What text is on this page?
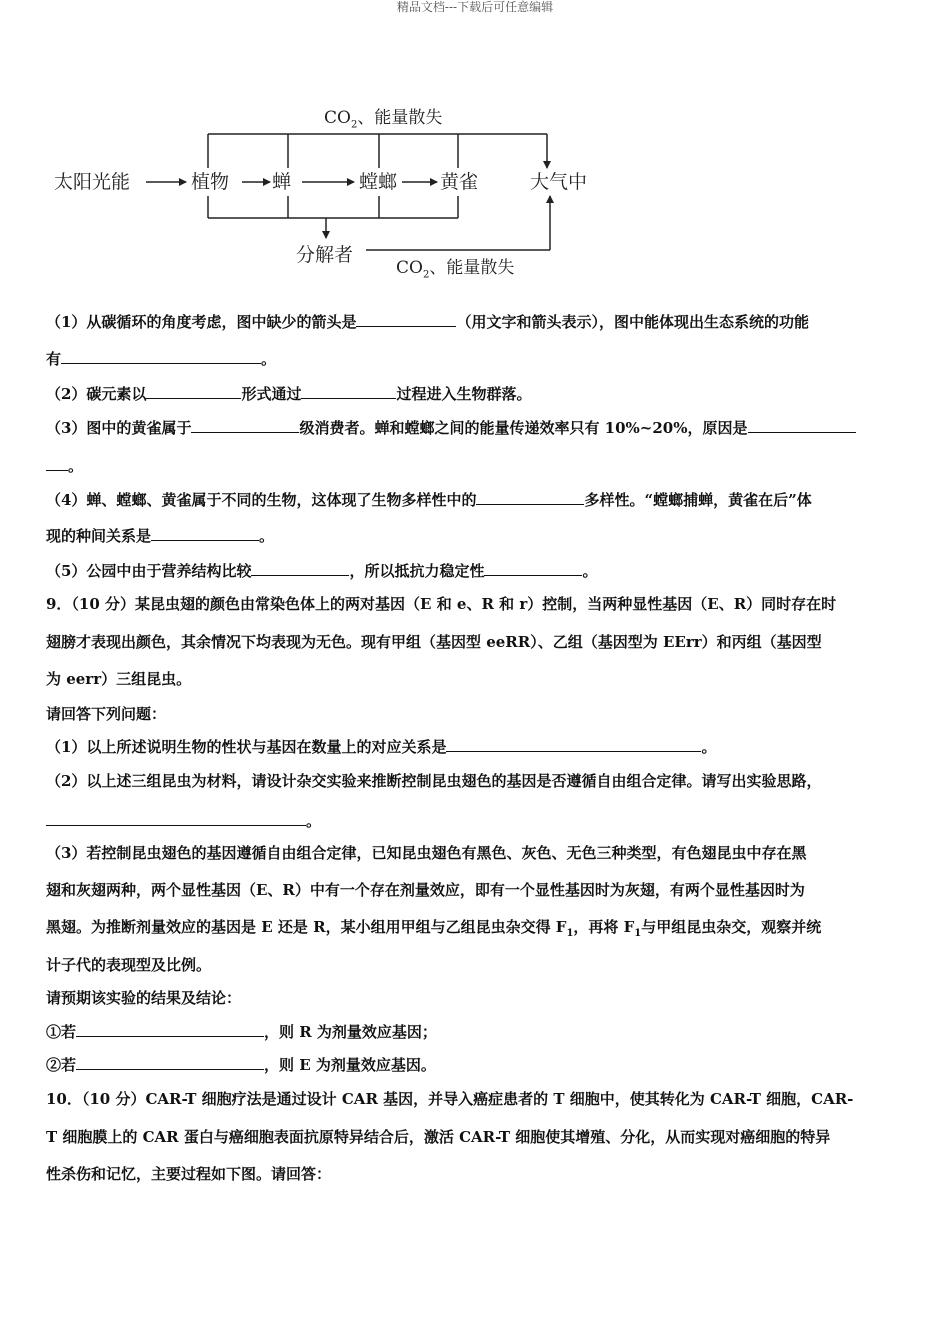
精品文档---下载后可任意编辑
$CO_2$、能量散失
太阳光能	植物 蝉	螳螂 黄雀	大气中
分解者
$CO_2$、能量散失
（1）从碳循环的角度考虑，图中缺少的箭头是	（用文字和箭头表示），图中能体现出生态系统的功能
有	。
（2）碳元素以	形式通过	过程进入生物群落。
（3）图中的黄雀属于	级消费者。蝉和螳螂之间的能量传递效率只有 10%~20%，原因是
。
（4）蝉、螳螂、黄雀属于不同的生物，这体现了生物多样性中的	多样性。“螳螂捕蝉，黄雀在后”体
现的种间关系是	。
（5）公园中由于营养结构比较	，所以抵抗力稳定性	。
9．（10 分）某昆虫翅的颜色由常染色体上的两对基因（E 和 e、R 和 r）控制，当两种显性基因（E、R）同时存在时
翅膀才表现出颜色，其余情况下均表现为无色。现有甲组（基因型 eeRR）、乙组（基因型为 EErr）和丙组（基因型
为 eerr）三组昆虫。
请回答下列问题：
（1）以上所述说明生物的性状与基因在数量上的对应关系是	。
（2）以上述三组昆虫为材料，请设计杂交实验来推断控制昆虫翅色的基因是否遵循自由组合定律。请写出实验思路，
。
（3）若控制昆虫翅色的基因遵循自由组合定律，已知昆虫翅色有黑色、灰色、无色三种类型，有色翅昆虫中存在黑
翅和灰翅两种，两个显性基因（E、R）中有一个存在剂量效应，即有一个显性基因时为灰翅，有两个显性基因时为
黑翅。为推断剂量效应的基因是 E 还是 R，某小组用甲组与乙组昆虫杂交得 $F_1$，再将 $F_1$与甲组昆虫杂交，观察并统
计子代的表现型及比例。
请预期该实验的结果及结论：
①若	，则 R 为剂量效应基因；
②若	，则 E 为剂量效应基因。
10．（10 分）CAR-T 细胞疗法是通过设计 CAR 基因，并导入癌症患者的 T 细胞中，使其转化为 CAR-T 细胞，CAR-
T 细胞膜上的 CAR 蛋白与癌细胞表面抗原特异结合后，激活 CAR-T 细胞使其增殖、分化，从而实现对癌细胞的特异
性杀伤和记忆，主要过程如下图。请回答：
